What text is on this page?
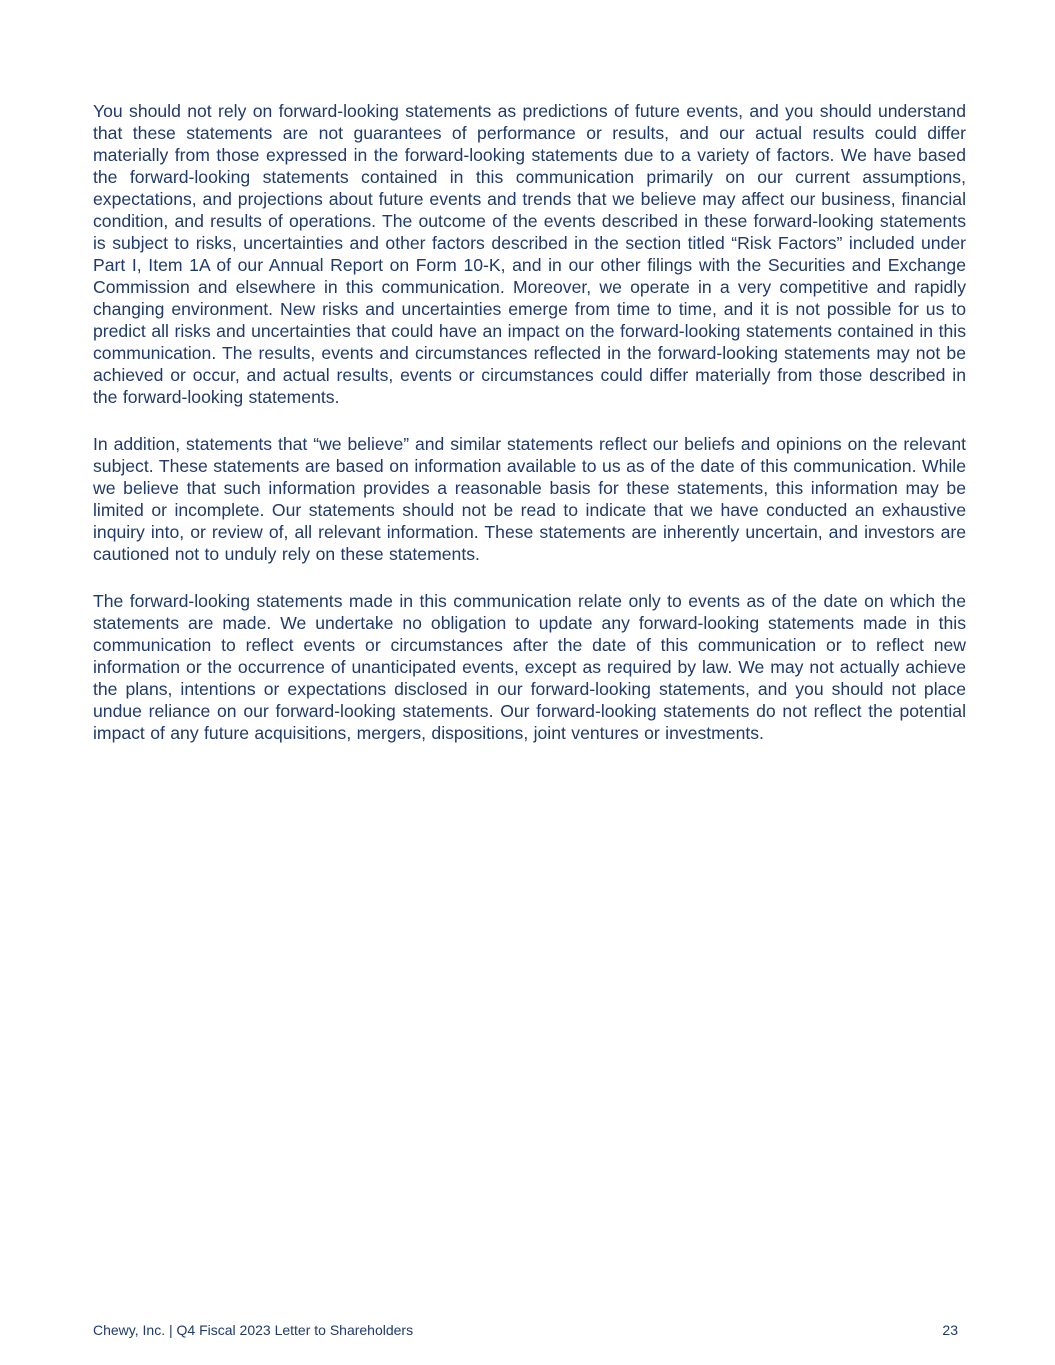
You should not rely on forward-looking statements as predictions of future events, and you should understand that these statements are not guarantees of performance or results, and our actual results could differ materially from those expressed in the forward-looking statements due to a variety of factors. We have based the forward-looking statements contained in this communication primarily on our current assumptions, expectations, and projections about future events and trends that we believe may affect our business, financial condition, and results of operations. The outcome of the events described in these forward-looking statements is subject to risks, uncertainties and other factors described in the section titled “Risk Factors” included under Part I, Item 1A of our Annual Report on Form 10-K, and in our other filings with the Securities and Exchange Commission and elsewhere in this communication. Moreover, we operate in a very competitive and rapidly changing environment. New risks and uncertainties emerge from time to time, and it is not possible for us to predict all risks and uncertainties that could have an impact on the forward-looking statements contained in this communication. The results, events and circumstances reflected in the forward-looking statements may not be achieved or occur, and actual results, events or circumstances could differ materially from those described in the forward-looking statements.

In addition, statements that “we believe” and similar statements reflect our beliefs and opinions on the relevant subject. These statements are based on information available to us as of the date of this communication. While we believe that such information provides a reasonable basis for these statements, this information may be limited or incomplete. Our statements should not be read to indicate that we have conducted an exhaustive inquiry into, or review of, all relevant information. These statements are inherently uncertain, and investors are cautioned not to unduly rely on these statements.

The forward-looking statements made in this communication relate only to events as of the date on which the statements are made. We undertake no obligation to update any forward-looking statements made in this communication to reflect events or circumstances after the date of this communication or to reflect new information or the occurrence of unanticipated events, except as required by law. We may not actually achieve the plans, intentions or expectations disclosed in our forward-looking statements, and you should not place undue reliance on our forward-looking statements. Our forward-looking statements do not reflect the potential impact of any future acquisitions, mergers, dispositions, joint ventures or investments.

Chewy, Inc. | Q4 Fiscal 2023 Letter to Shareholders	23
